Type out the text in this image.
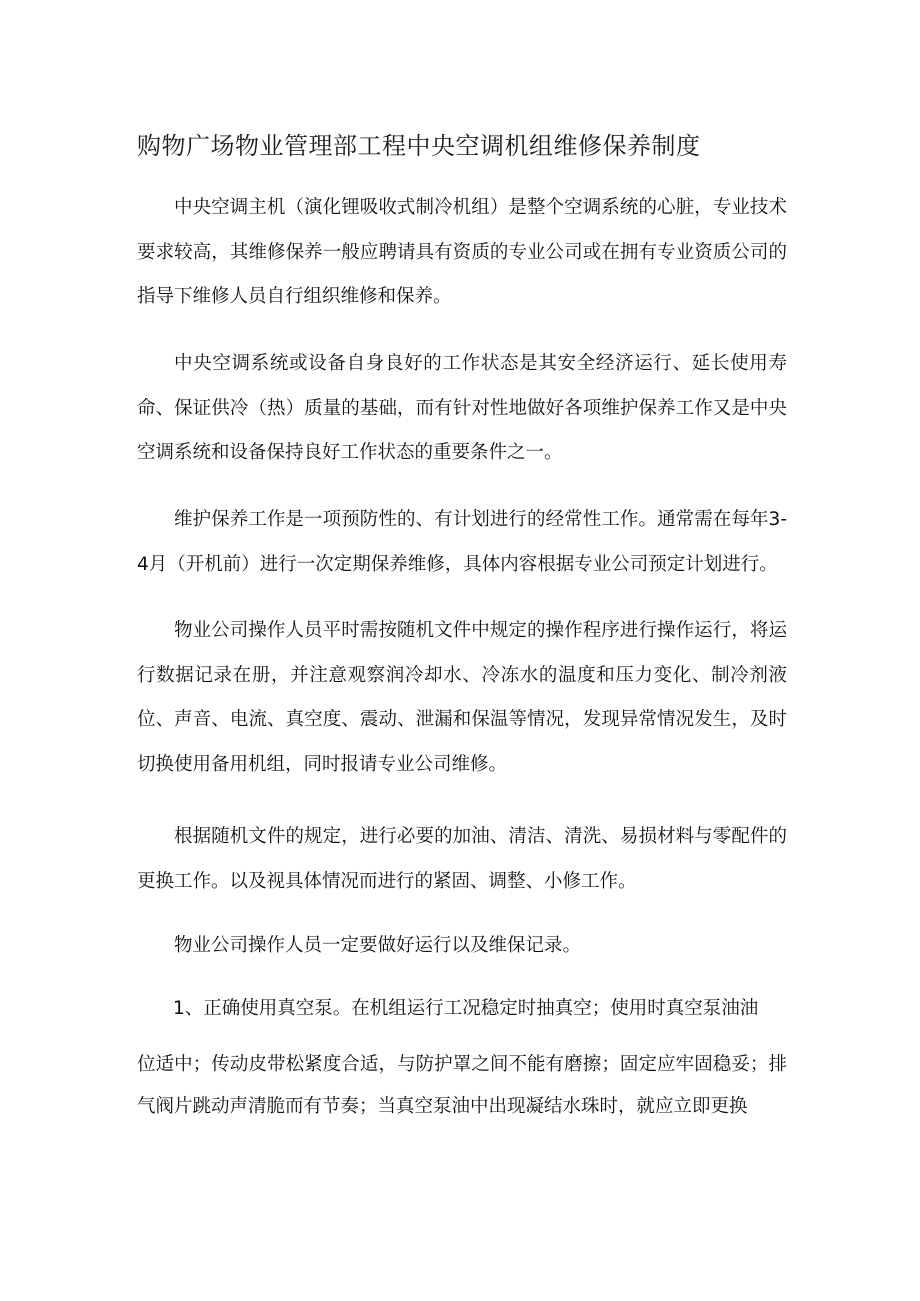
购物广场物业管理部工程中央空调机组维修保养制度

中央空调主机（演化锂吸收式制冷机组）是整个空调系统的心脏，专业技术要求较高，其维修保养一般应聘请具有资质的专业公司或在拥有专业资质公司的指导下维修人员自行组织维修和保养。

中央空调系统或设备自身良好的工作状态是其安全经济运行、延长使用寿命、保证供冷（热）质量的基础，而有针对性地做好各项维护保养工作又是中央空调系统和设备保持良好工作状态的重要条件之一。

维护保养工作是一项预防性的、有计划进行的经常性工作。通常需在每年3-4月（开机前）进行一次定期保养维修，具体内容根据专业公司预定计划进行。

物业公司操作人员平时需按随机文件中规定的操作程序进行操作运行，将运行数据记录在册，并注意观察润冷却水、冷冻水的温度和压力变化、制冷剂液位、声音、电流、真空度、震动、泄漏和保温等情况，发现异常情况发生，及时切换使用备用机组，同时报请专业公司维修。

根据随机文件的规定，进行必要的加油、清洁、清洗、易损材料与零配件的更换工作。以及视具体情况而进行的紧固、调整、小修工作。

物业公司操作人员一定要做好运行以及维保记录。

1、正确使用真空泵。在机组运行工况稳定时抽真空；使用时真空泵油油

位适中；传动皮带松紧度合适，与防护罩之间不能有磨擦；固定应牢固稳妥；排气阀片跳动声清脆而有节奏；当真空泵油中出现凝结水珠时，就应立即更换
